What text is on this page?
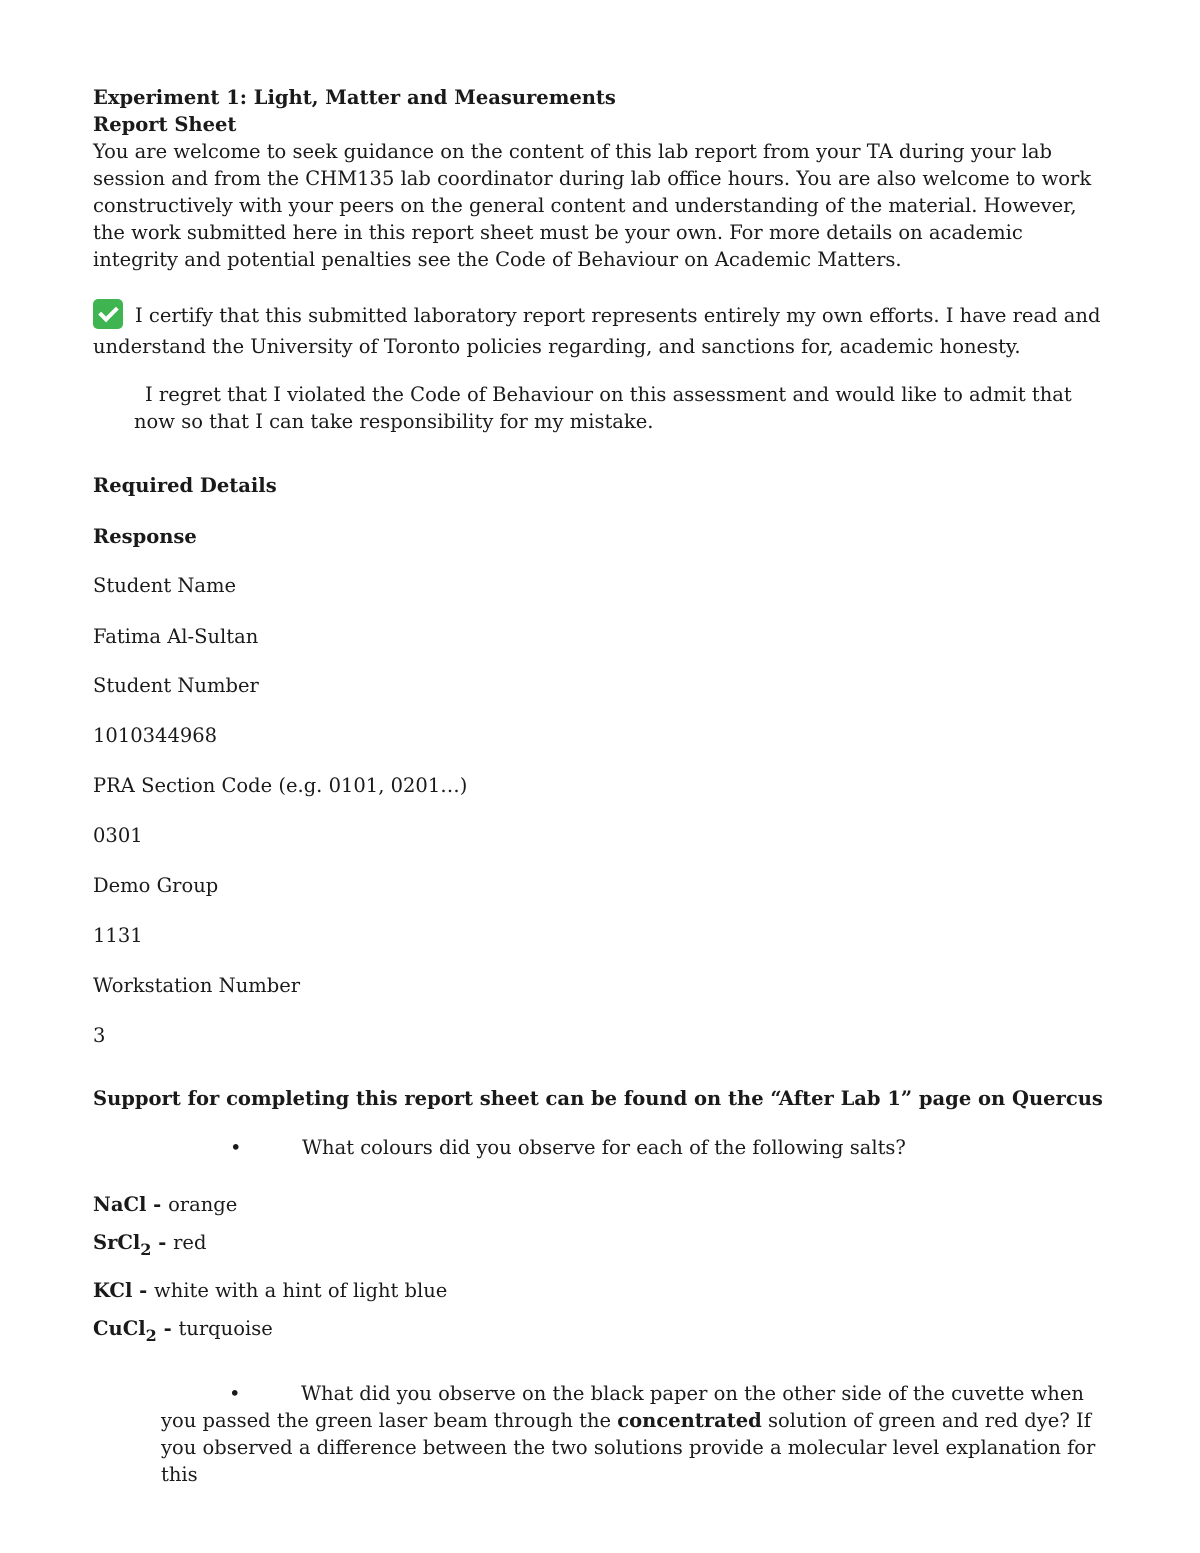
Experiment 1: Light, Matter and Measurements
Report Sheet

You are welcome to seek guidance on the content of this lab report from your TA during your lab session and from the CHM135 lab coordinator during lab office hours. You are also welcome to work constructively with your peers on the general content and understanding of the material. However, the work submitted here in this report sheet must be your own. For more details on academic integrity and potential penalties see the Code of Behaviour on Academic Matters.

I certify that this submitted laboratory report represents entirely my own efforts. I have read and understand the University of Toronto policies regarding, and sanctions for, academic honesty.
I regret that I violated the Code of Behaviour on this assessment and would like to admit that now so that I can take responsibility for my mistake.
Required Details
Response
Student Name
Fatima Al-Sultan
Student Number
1010344968
PRA Section Code (e.g. 0101, 0201…)
0301
Demo Group
1131
Workstation Number
3
Support for completing this report sheet can be found on the “After Lab 1” page on Quercus
•	What colours did you observe for each of the following salts?
NaCl - orange
SrCl$_2$ - red
KCl - white with a hint of light blue
CuCl$_2$ - turquoise
•	What did you observe on the black paper on the other side of the cuvette when you passed the green laser beam through the concentrated solution of green and red dye? If you observed a difference between the two solutions provide a molecular level explanation for this
